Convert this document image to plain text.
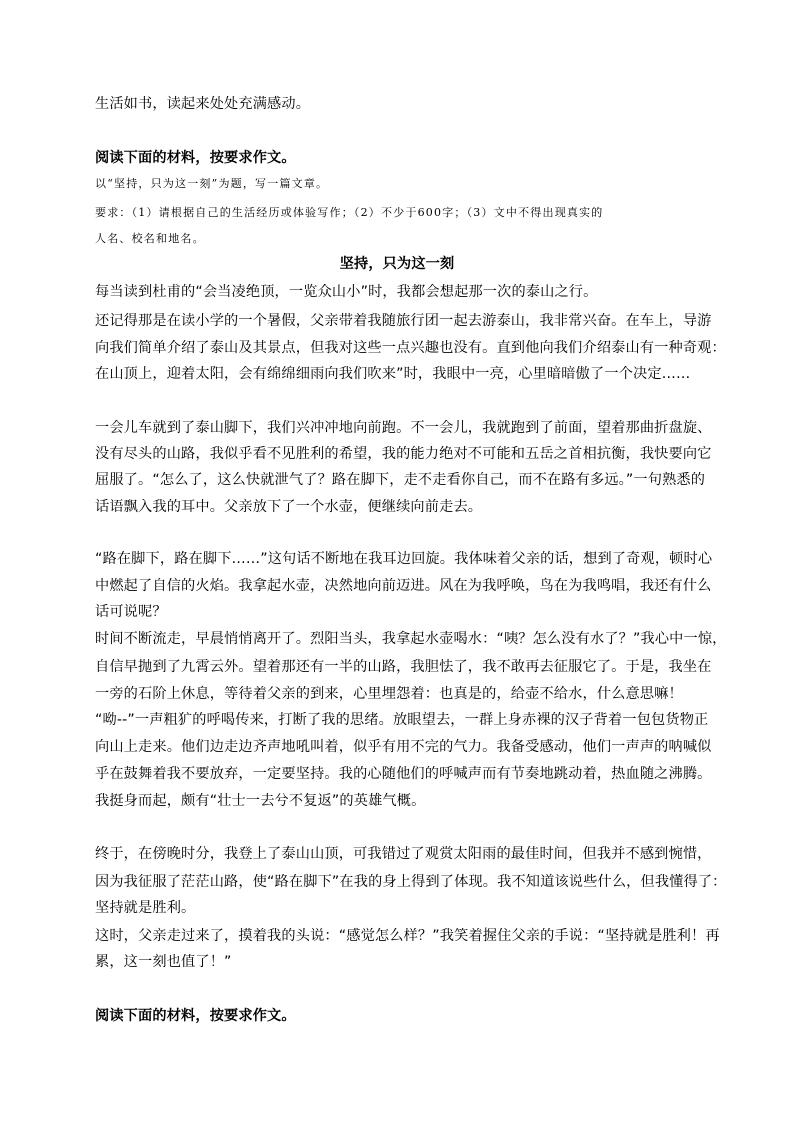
生活如书，读起来处处充满感动。
阅读下面的材料，按要求作文。
以“坚持，只为这一刻”为题，写一篇文章。
要求：（1）请根据自己的生活经历或体验写作；（2）不少于600字；（3）文中不得出现真实的
人名、校名和地名。
坚持，只为这一刻
每当读到杜甫的“会当凌绝顶，一览众山小”时，我都会想起那一次的泰山之行。
还记得那是在读小学的一个暑假，父亲带着我随旅行团一起去游泰山，我非常兴奋。在车上，导游
向我们简单介绍了泰山及其景点，但我对这些一点兴趣也没有。直到他向我们介绍泰山有一种奇观：
在山顶上，迎着太阳，会有绵绵细雨向我们吹来”时，我眼中一亮，心里暗暗傲了一个决定……
一会儿车就到了泰山脚下，我们兴冲冲地向前跑。不一会儿，我就跑到了前面，望着那曲折盘旋、
没有尽头的山路，我似乎看不见胜利的希望，我的能力绝对不可能和五岳之首相抗衡，我快要向它
屈服了。“怎么了，这么快就泄气了？路在脚下，走不走看你自己，而不在路有多远。”一句熟悉的
话语飘入我的耳中。父亲放下了一个水壶，便继续向前走去。
“路在脚下，路在脚下……”这句话不断地在我耳边回旋。我体味着父亲的话，想到了奇观，顿时心
中燃起了自信的火焰。我拿起水壶，决然地向前迈进。风在为我呼唤，鸟在为我鸣唱，我还有什么
话可说呢？
时间不断流走，早晨悄悄离开了。烈阳当头，我拿起水壶喝水：“咦？怎么没有水了？”我心中一惊，
自信早抛到了九霄云外。望着那还有一半的山路，我胆怯了，我不敢再去征服它了。于是，我坐在
一旁的石阶上休息，等待着父亲的到来，心里埋怨着：也真是的，给壶不给水，什么意思嘛！
“呦--”一声粗犷的呼喝传来，打断了我的思绪。放眼望去，一群上身赤裸的汉子背着一包包货物正
向山上走来。他们边走边齐声地吼叫着，似乎有用不完的气力。我备受感动，他们一声声的呐喊似
乎在鼓舞着我不要放弃，一定要坚持。我的心随他们的呼喊声而有节奏地跳动着，热血随之沸腾。
我挺身而起，颇有“壮士一去兮不复返”的英雄气概。
终于，在傍晚时分，我登上了泰山山顶，可我错过了观赏太阳雨的最佳时间，但我并不感到惋惜，
因为我征服了茫茫山路，使“路在脚下”在我的身上得到了体现。我不知道该说些什么，但我懂得了：
坚持就是胜利。
这时，父亲走过来了，摸着我的头说：“感觉怎么样？”我笑着握住父亲的手说：“坚持就是胜利！再
累，这一刻也值了！”
阅读下面的材料，按要求作文。
